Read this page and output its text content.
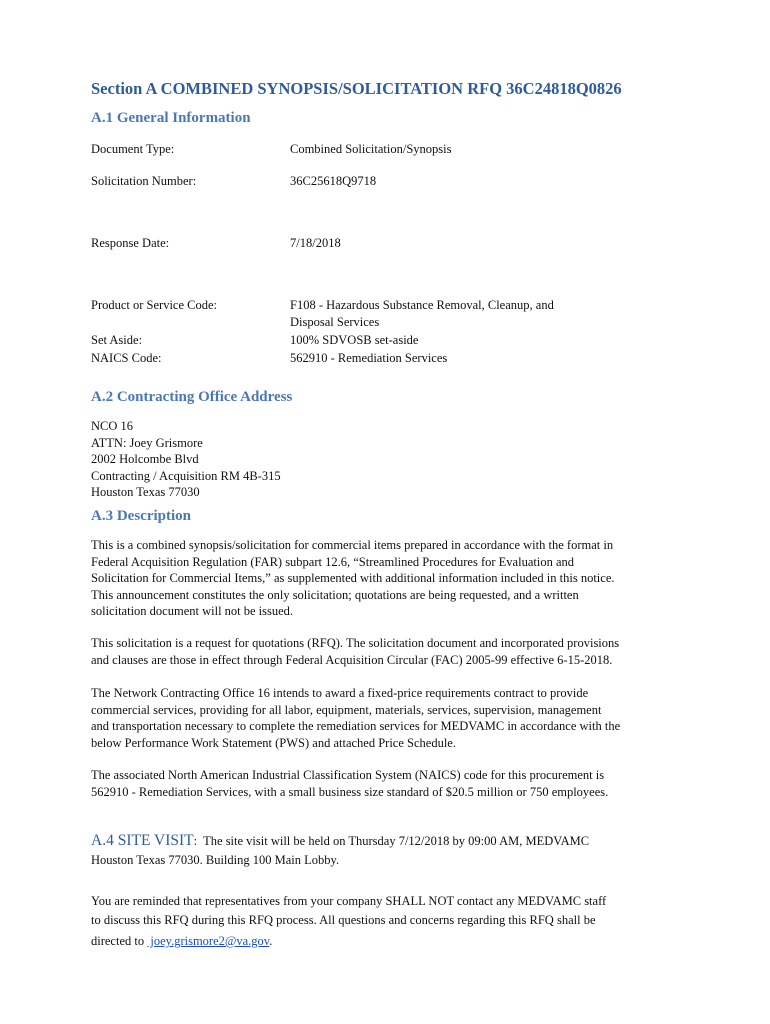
Section A COMBINED SYNOPSIS/SOLICITATION RFQ 36C24818Q0826
A.1 General Information
Document Type:	Combined Solicitation/Synopsis
Solicitation Number:	36C25618Q9718
Response Date:	7/18/2018
Product or Service Code:	F108 - Hazardous Substance Removal, Cleanup, and
Disposal Services
Set Aside:	100% SDVOSB set-aside
NAICS Code:	562910 - Remediation Services
A.2 Contracting Office Address
NCO 16
ATTN: Joey Grismore
2002 Holcombe Blvd
Contracting / Acquisition RM 4B-315
Houston Texas 77030
A.3 Description
This is a combined synopsis/solicitation for commercial items prepared in accordance with the format in
Federal Acquisition Regulation (FAR) subpart 12.6, “Streamlined Procedures for Evaluation and
Solicitation for Commercial Items,” as supplemented with additional information included in this notice.
This announcement constitutes the only solicitation; quotations are being requested, and a written
solicitation document will not be issued.
This solicitation is a request for quotations (RFQ). The solicitation document and incorporated provisions
and clauses are those in effect through Federal Acquisition Circular (FAC) 2005-99 effective 6-15-2018.
The Network Contracting Office 16 intends to award a fixed-price requirements contract to provide
commercial services, providing for all labor, equipment, materials, services, supervision, management
and transportation necessary to complete the remediation services for MEDVAMC in accordance with the
below Performance Work Statement (PWS) and attached Price Schedule.
The associated North American Industrial Classification System (NAICS) code for this procurement is
562910 - Remediation Services, with a small business size standard of $20.5 million or 750 employees.
A.4 SITE VISIT:  The site visit will be held on Thursday 7/12/2018 by 09:00 AM, MEDVAMC
Houston Texas 77030. Building 100 Main Lobby.
You are reminded that representatives from your company SHALL NOT contact any MEDVAMC staff
to discuss this RFQ during this RFQ process. All questions and concerns regarding this RFQ shall be
directed to  joey.grismore2@va.gov.
